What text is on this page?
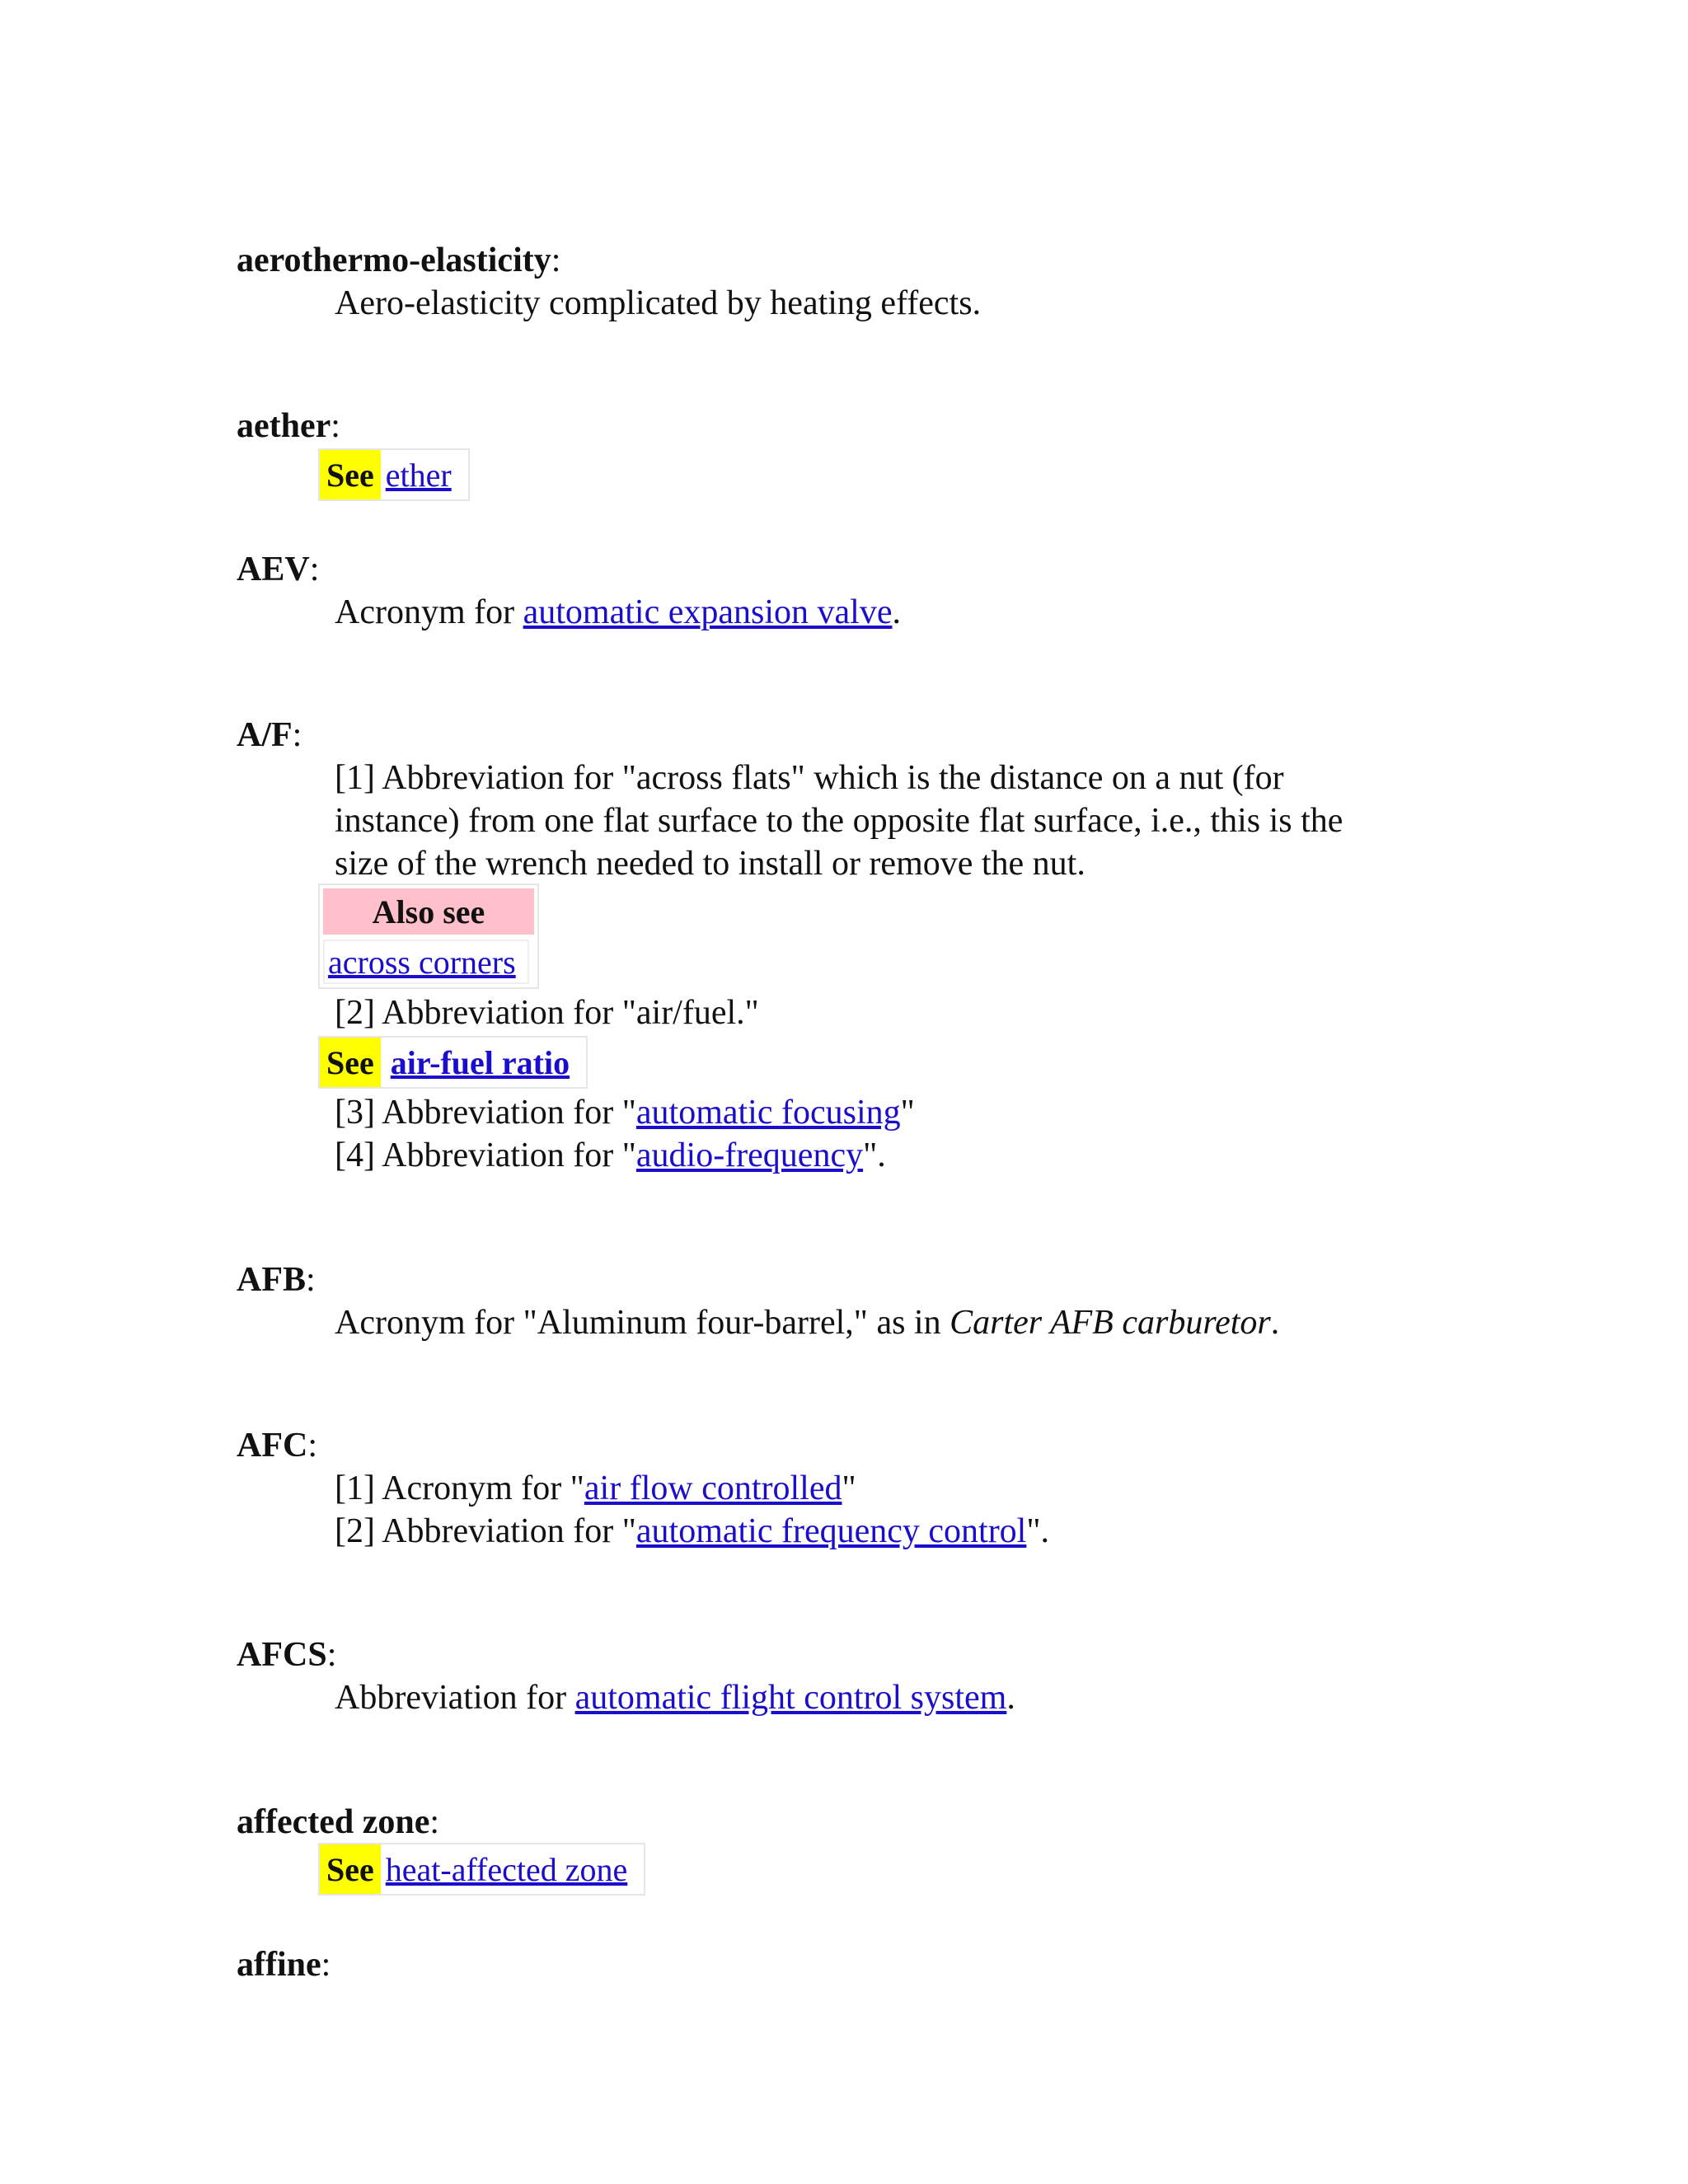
aerothermo-elasticity:
Aero-elasticity complicated by heating effects.
aether:
See ether
AEV:
Acronym for automatic expansion valve.
A/F:
[1] Abbreviation for "across flats" which is the distance on a nut (for
instance) from one flat surface to the opposite flat surface, i.e., this is the
size of the wrench needed to install or remove the nut.
Also see
across corners
[2] Abbreviation for "air/fuel."
See air-fuel ratio
[3] Abbreviation for "automatic focusing"
[4] Abbreviation for "audio-frequency".
AFB:
Acronym for "Aluminum four-barrel," as in Carter AFB carburetor.
AFC:
[1] Acronym for "air flow controlled"
[2] Abbreviation for "automatic frequency control".
AFCS:
Abbreviation for automatic flight control system.
affected zone:
See heat-affected zone
affine:
